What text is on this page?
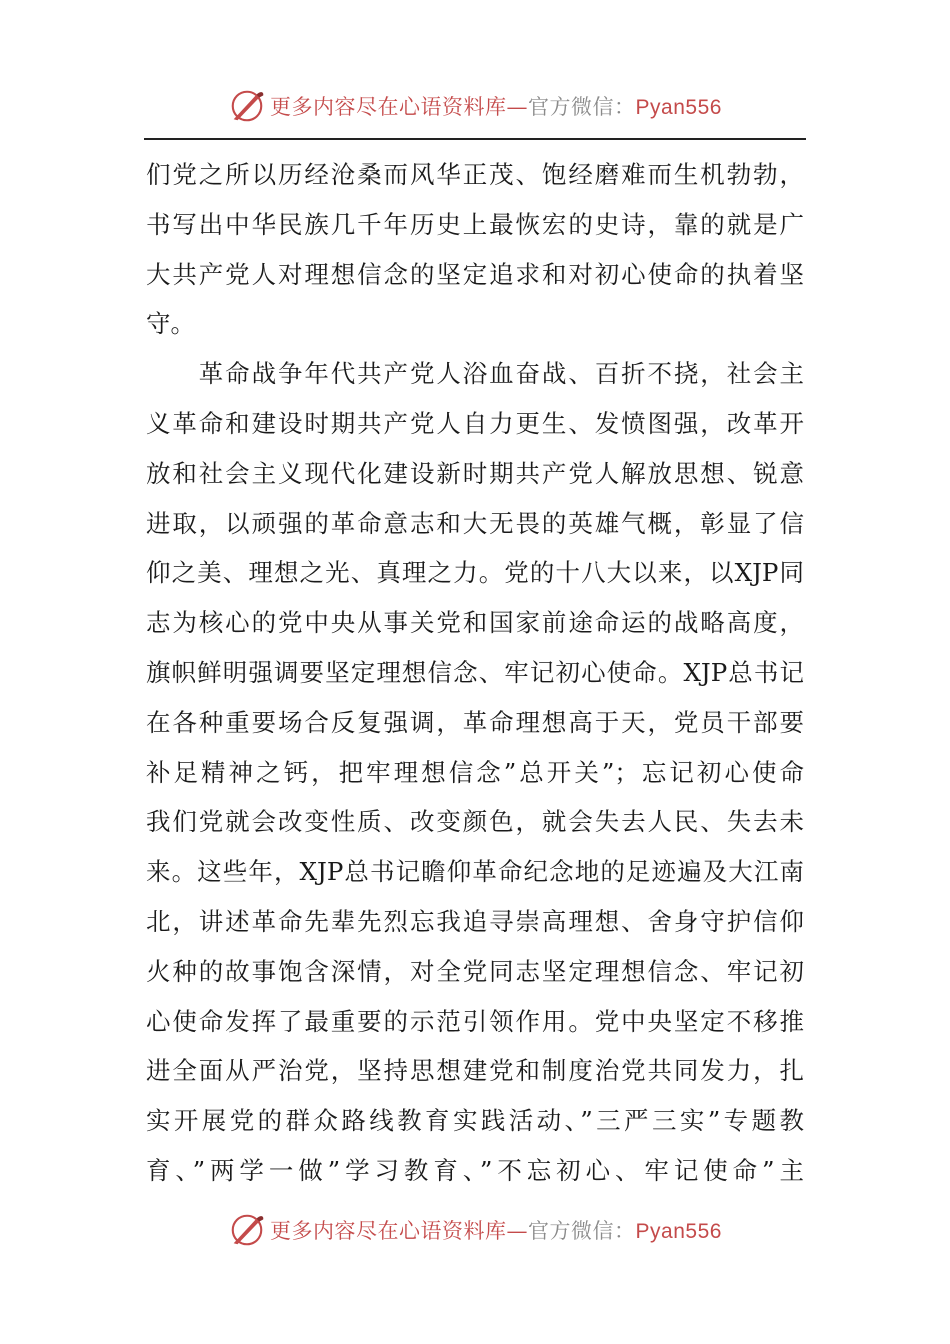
更多内容尽在心语资料库—官方微信：Pyan556
们党之所以历经沧桑而风华正茂、饱经磨难而生机勃勃，
书写出中华民族几千年历史上最恢宏的史诗，靠的就是广
大共产党人对理想信念的坚定追求和对初心使命的执着坚
守。
　　革命战争年代共产党人浴血奋战、百折不挠，社会主
义革命和建设时期共产党人自力更生、发愤图强，改革开
放和社会主义现代化建设新时期共产党人解放思想、锐意
进取，以顽强的革命意志和大无畏的英雄气概，彰显了信
仰之美、理想之光、真理之力。党的十八大以来，以XJP同
志为核心的党中央从事关党和国家前途命运的战略高度，
旗帜鲜明强调要坚定理想信念、牢记初心使命。XJP总书记
在各种重要场合反复强调，革命理想高于天，党员干部要
补足精神之钙，把牢理想信念”总开关”；忘记初心使命
我们党就会改变性质、改变颜色，就会失去人民、失去未
来。这些年，XJP总书记瞻仰革命纪念地的足迹遍及大江南
北，讲述革命先辈先烈忘我追寻崇高理想、舍身守护信仰
火种的故事饱含深情，对全党同志坚定理想信念、牢记初
心使命发挥了最重要的示范引领作用。党中央坚定不移推
进全面从严治党，坚持思想建党和制度治党共同发力，扎
实开展党的群众路线教育实践活动、”三严三实”专题教
育、”两学一做”学习教育、”不忘初心、牢记使命”主
更多内容尽在心语资料库—官方微信：Pyan556
